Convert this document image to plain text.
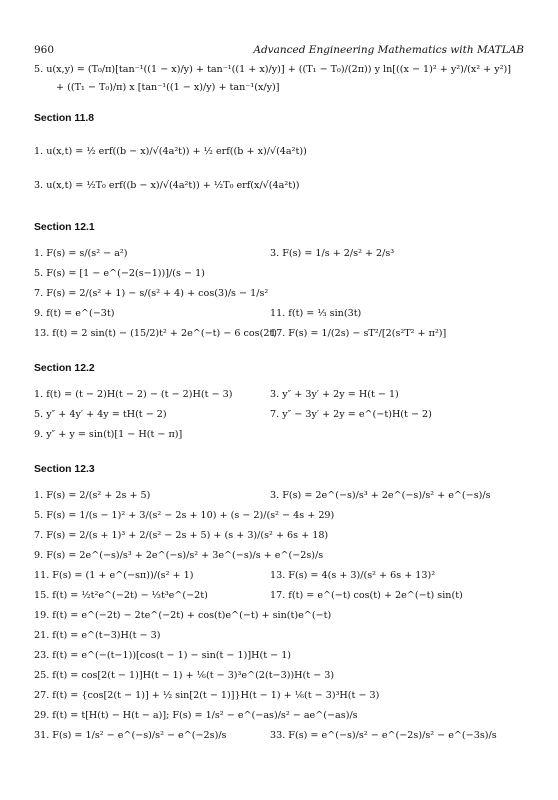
960	Advanced Engineering Mathematics with MATLAB
5. u(x,y) = (T₀/π)[tan⁻¹((1 − x)/y) + tan⁻¹((1 + x)/y)] + ((T₁ − T₀)/(2π)) y ln[((x − 1)² + y²)/(x² + y²)]
+ ((T₁ − T₀)/π) x [tan⁻¹((1 − x)/y) + tan⁻¹(x/y)]
Section 11.8
1. u(x,t) = ½ erf((b − x)/√(4a²t)) + ½ erf((b + x)/√(4a²t))
3. u(x,t) = ½T₀ erf((b − x)/√(4a²t)) + ½T₀ erf(x/√(4a²t))
Section 12.1
1. F(s) = s/(s² − a²)	3. F(s) = 1/s + 2/s² + 2/s³
5. F(s) = [1 − e^(−2(s−1))]/(s − 1)
7. F(s) = 2/(s² + 1) − s/(s² + 4) + cos(3)/s − 1/s²
9. f(t) = e^(−3t)	11. f(t) = ⅓ sin(3t)
13. f(t) = 2 sin(t) − (15/2)t² + 2e^(−t) − 6 cos(2t)
17. F(s) = 1/(2s) − sT²/[2(s²T² + π²)]
Section 12.2
1. f(t) = (t − 2)H(t − 2) − (t − 2)H(t − 3)	3. y″ + 3y′ + 2y = H(t − 1)
5. y″ + 4y′ + 4y = tH(t − 2)	7. y″ − 3y′ + 2y = e^(−t)H(t − 2)
9. y″ + y = sin(t)[1 − H(t − π)]
Section 12.3
1. F(s) = 2/(s² + 2s + 5)	3. F(s) = 2e^(−s)/s³ + 2e^(−s)/s² + e^(−s)/s
5. F(s) = 1/(s − 1)² + 3/(s² − 2s + 10) + (s − 2)/(s² − 4s + 29)
7. F(s) = 2/(s + 1)³ + 2/(s² − 2s + 5) + (s + 3)/(s² + 6s + 18)
9. F(s) = 2e^(−s)/s³ + 2e^(−s)/s² + 3e^(−s)/s + e^(−2s)/s
11. F(s) = (1 + e^(−sπ))/(s² + 1)	13. F(s) = 4(s + 3)/(s² + 6s + 13)²
15. f(t) = ½t²e^(−2t) − ⅓t³e^(−2t)	17. f(t) = e^(−t) cos(t) + 2e^(−t) sin(t)
19. f(t) = e^(−2t) − 2te^(−2t) + cos(t)e^(−t) + sin(t)e^(−t)
21. f(t) = e^(t−3)H(t − 3)
23. f(t) = e^(−(t−1))[cos(t − 1) − sin(t − 1)]H(t − 1)
25. f(t) = cos[2(t − 1)]H(t − 1) + ⅙(t − 3)³e^(2(t−3))H(t − 3)
27. f(t) = {cos[2(t − 1)] + ½ sin[2(t − 1)]}H(t − 1) + ⅙(t − 3)³H(t − 3)
29. f(t) = t[H(t) − H(t − a)]; F(s) = 1/s² − e^(−as)/s² − ae^(−as)/s
31. F(s) = 1/s² − e^(−s)/s² − e^(−2s)/s	33. F(s) = e^(−s)/s² − e^(−2s)/s² − e^(−3s)/s
